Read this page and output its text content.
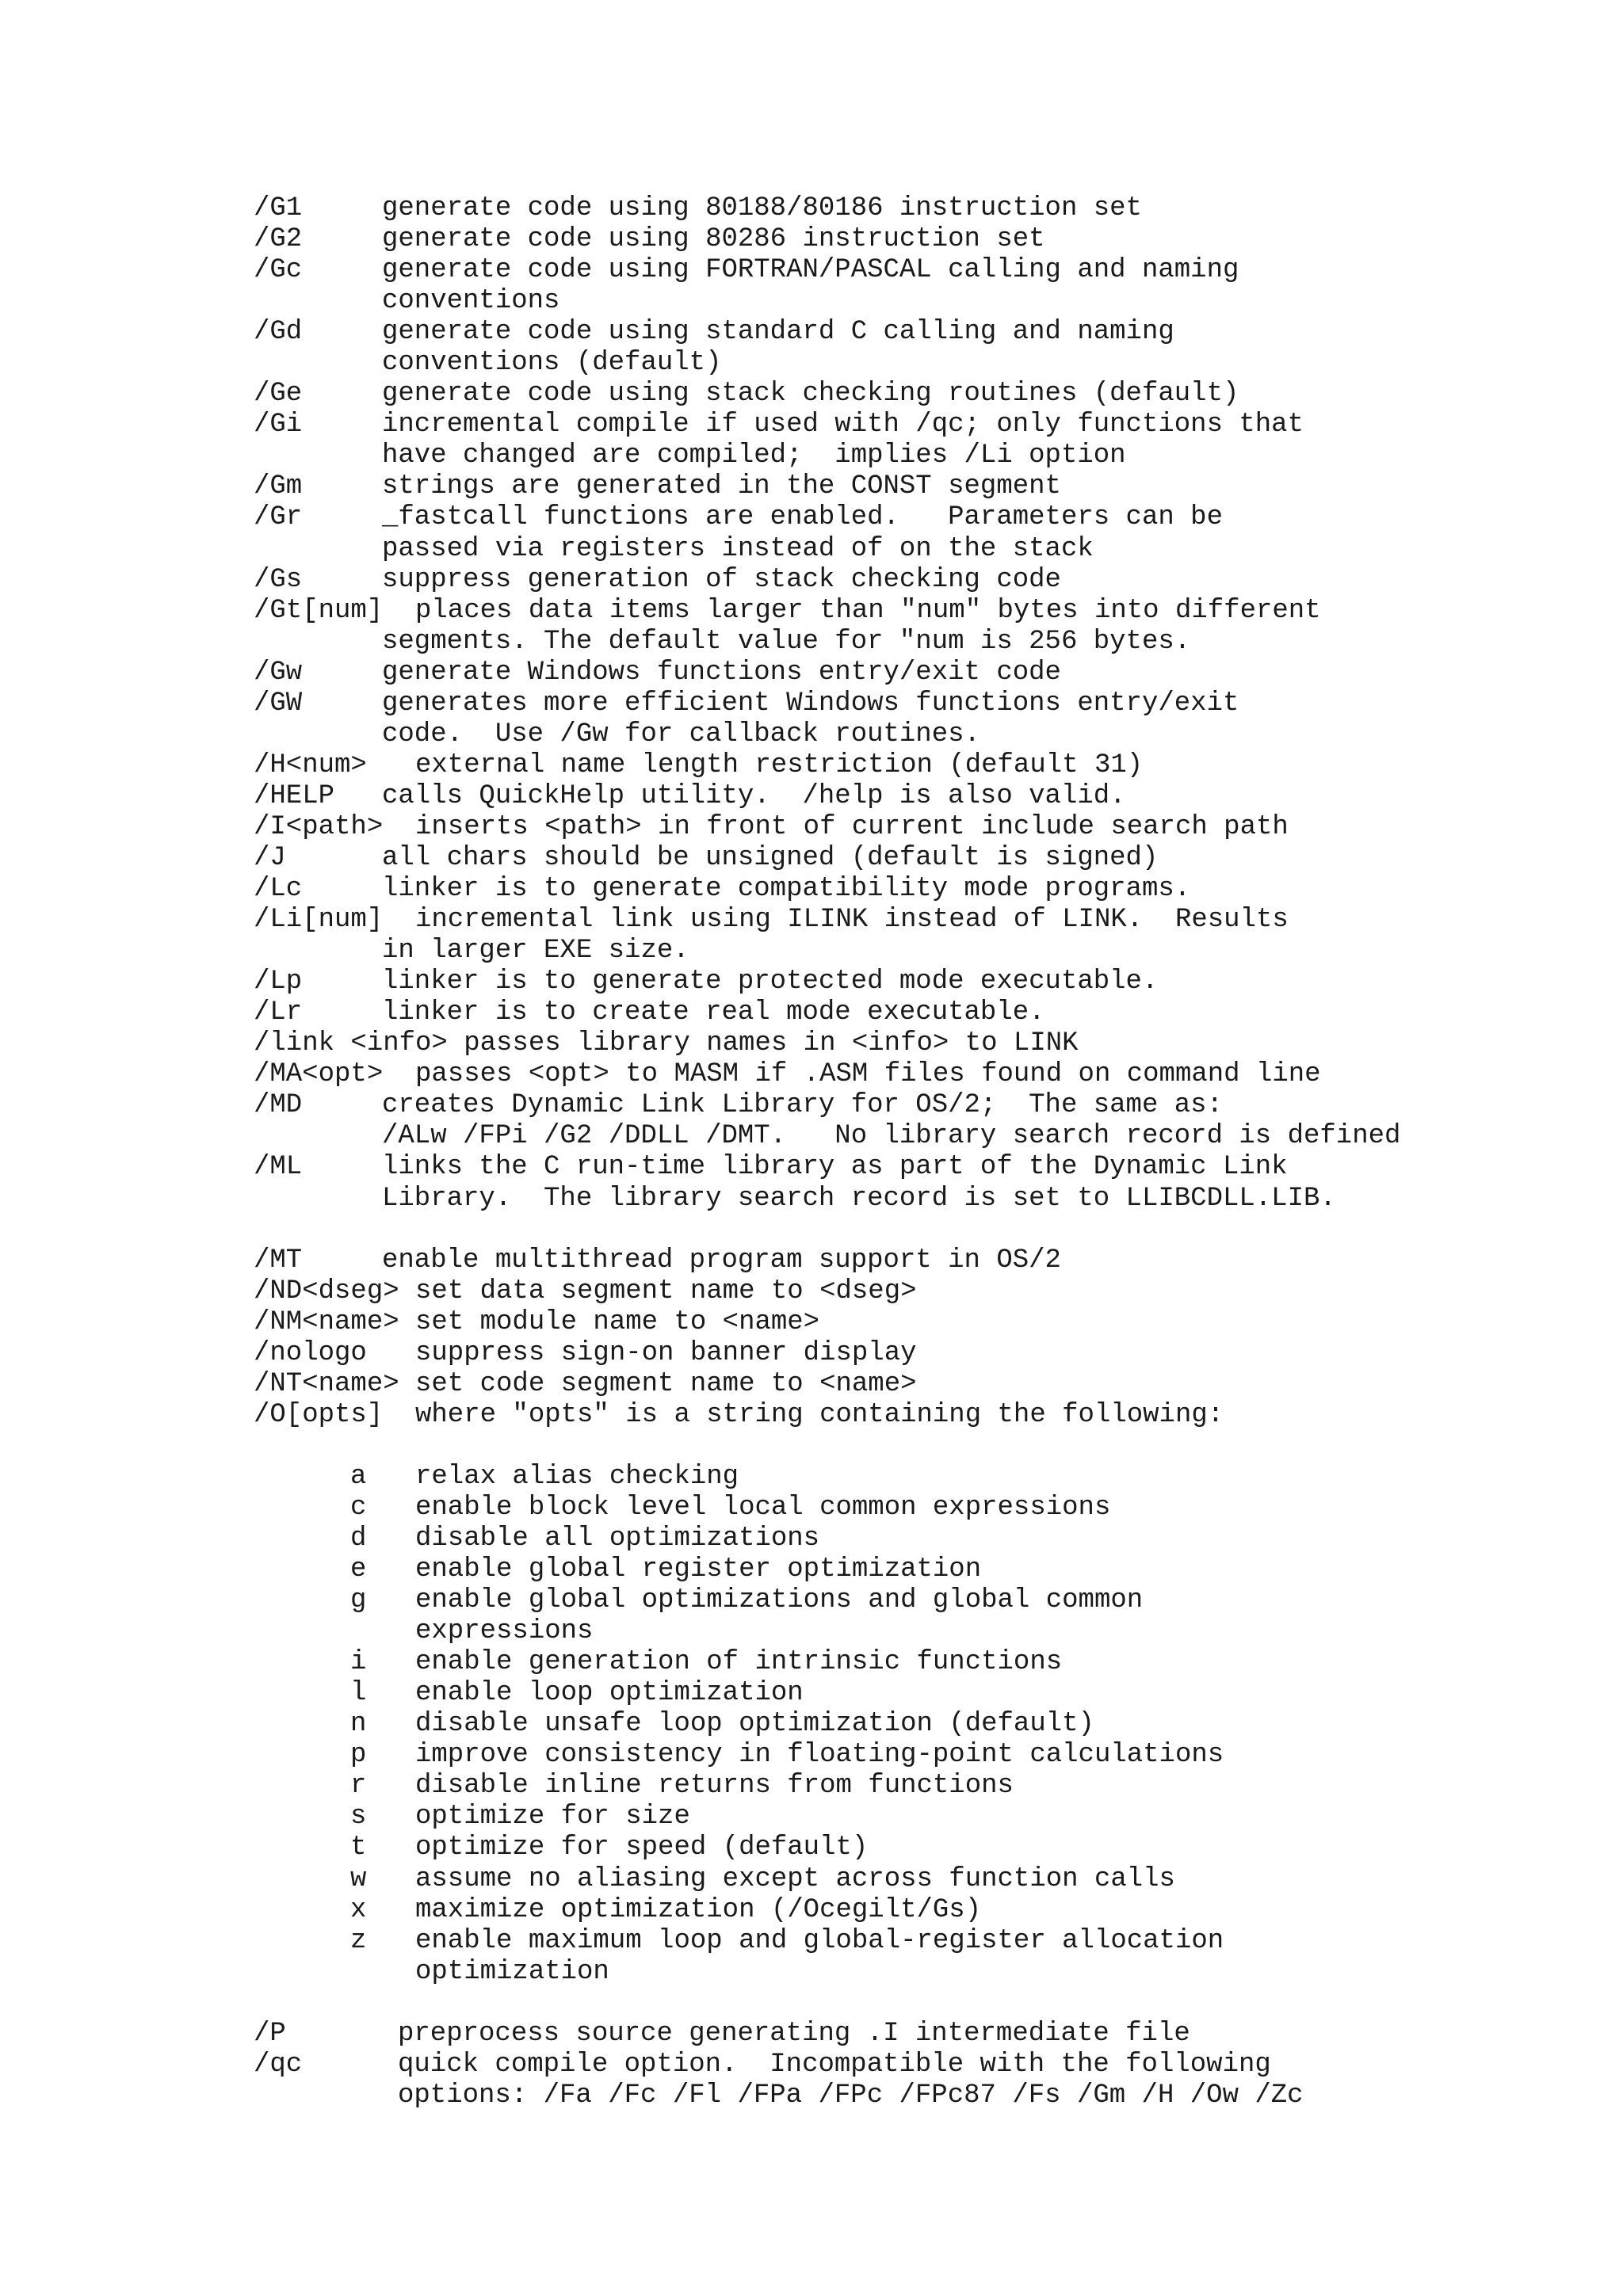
/G1	generate code using 80188/80186 instruction set
/G2	generate code using 80286 instruction set
/Gc	generate code using FORTRAN/PASCAL calling and naming
conventions
/Gd	generate code using standard C calling and naming
conventions (default)
/Ge	generate code using stack checking routines (default)
/Gi	incremental compile if used with /qc; only functions that
have changed are compiled;  implies /Li option
/Gm	strings are generated in the CONST segment
/Gr	_fastcall functions are enabled.   Parameters can be
passed via registers instead of on the stack
/Gs	suppress generation of stack checking code
/Gt[num] places data items larger than "num" bytes into different
segments. The default value for "num is 256 bytes.
/Gw	generate Windows functions entry/exit code
/GW	generates more efficient Windows functions entry/exit
code.  Use /Gw for callback routines.
/H<num> external name length restriction (default 31)
/HELP calls QuickHelp utility.  /help is also valid.
/I<path> inserts <path> in front of current include search path
/J	all chars should be unsigned (default is signed)
/Lc	linker is to generate compatibility mode programs.
/Li[num] incremental link using ILINK instead of LINK.  Results
in larger EXE size.
/Lp	linker is to generate protected mode executable.
/Lr	linker is to create real mode executable.
/link <info> passes library names in <info> to LINK
/MA<opt> passes <opt> to MASM if .ASM files found on command line
/MD	creates Dynamic Link Library for OS/2;  The same as:
/ALw /FPi /G2 /DDLL /DMT.   No library search record is defined
/ML	links the C run-time library as part of the Dynamic Link
Library.  The library search record is set to LLIBCDLL.LIB.
/MT	enable multithread program support in OS/2
/ND<dseg> set data segment name to <dseg>
/NM<name> set module name to <name>
/nologo suppress sign-on banner display
/NT<name> set code segment name to <name>
/O[opts] where "opts" is a string containing the following:
a relax alias checking
c enable block level local common expressions
d disable all optimizations
e enable global register optimization
g enable global optimizations and global common
expressions
i enable generation of intrinsic functions
l enable loop optimization
n disable unsafe loop optimization (default)
p improve consistency in floating-point calculations
r disable inline returns from functions
s optimize for size
t optimize for speed (default)
w assume no aliasing except across function calls
x maximize optimization (/Ocegilt/Gs)
z enable maximum loop and global-register allocation
optimization
/P	preprocess source generating .I intermediate file
/qc	quick compile option.  Incompatible with the following
options: /Fa /Fc /Fl /FPa /FPc /FPc87 /Fs /Gm /H /Ow /Zc
